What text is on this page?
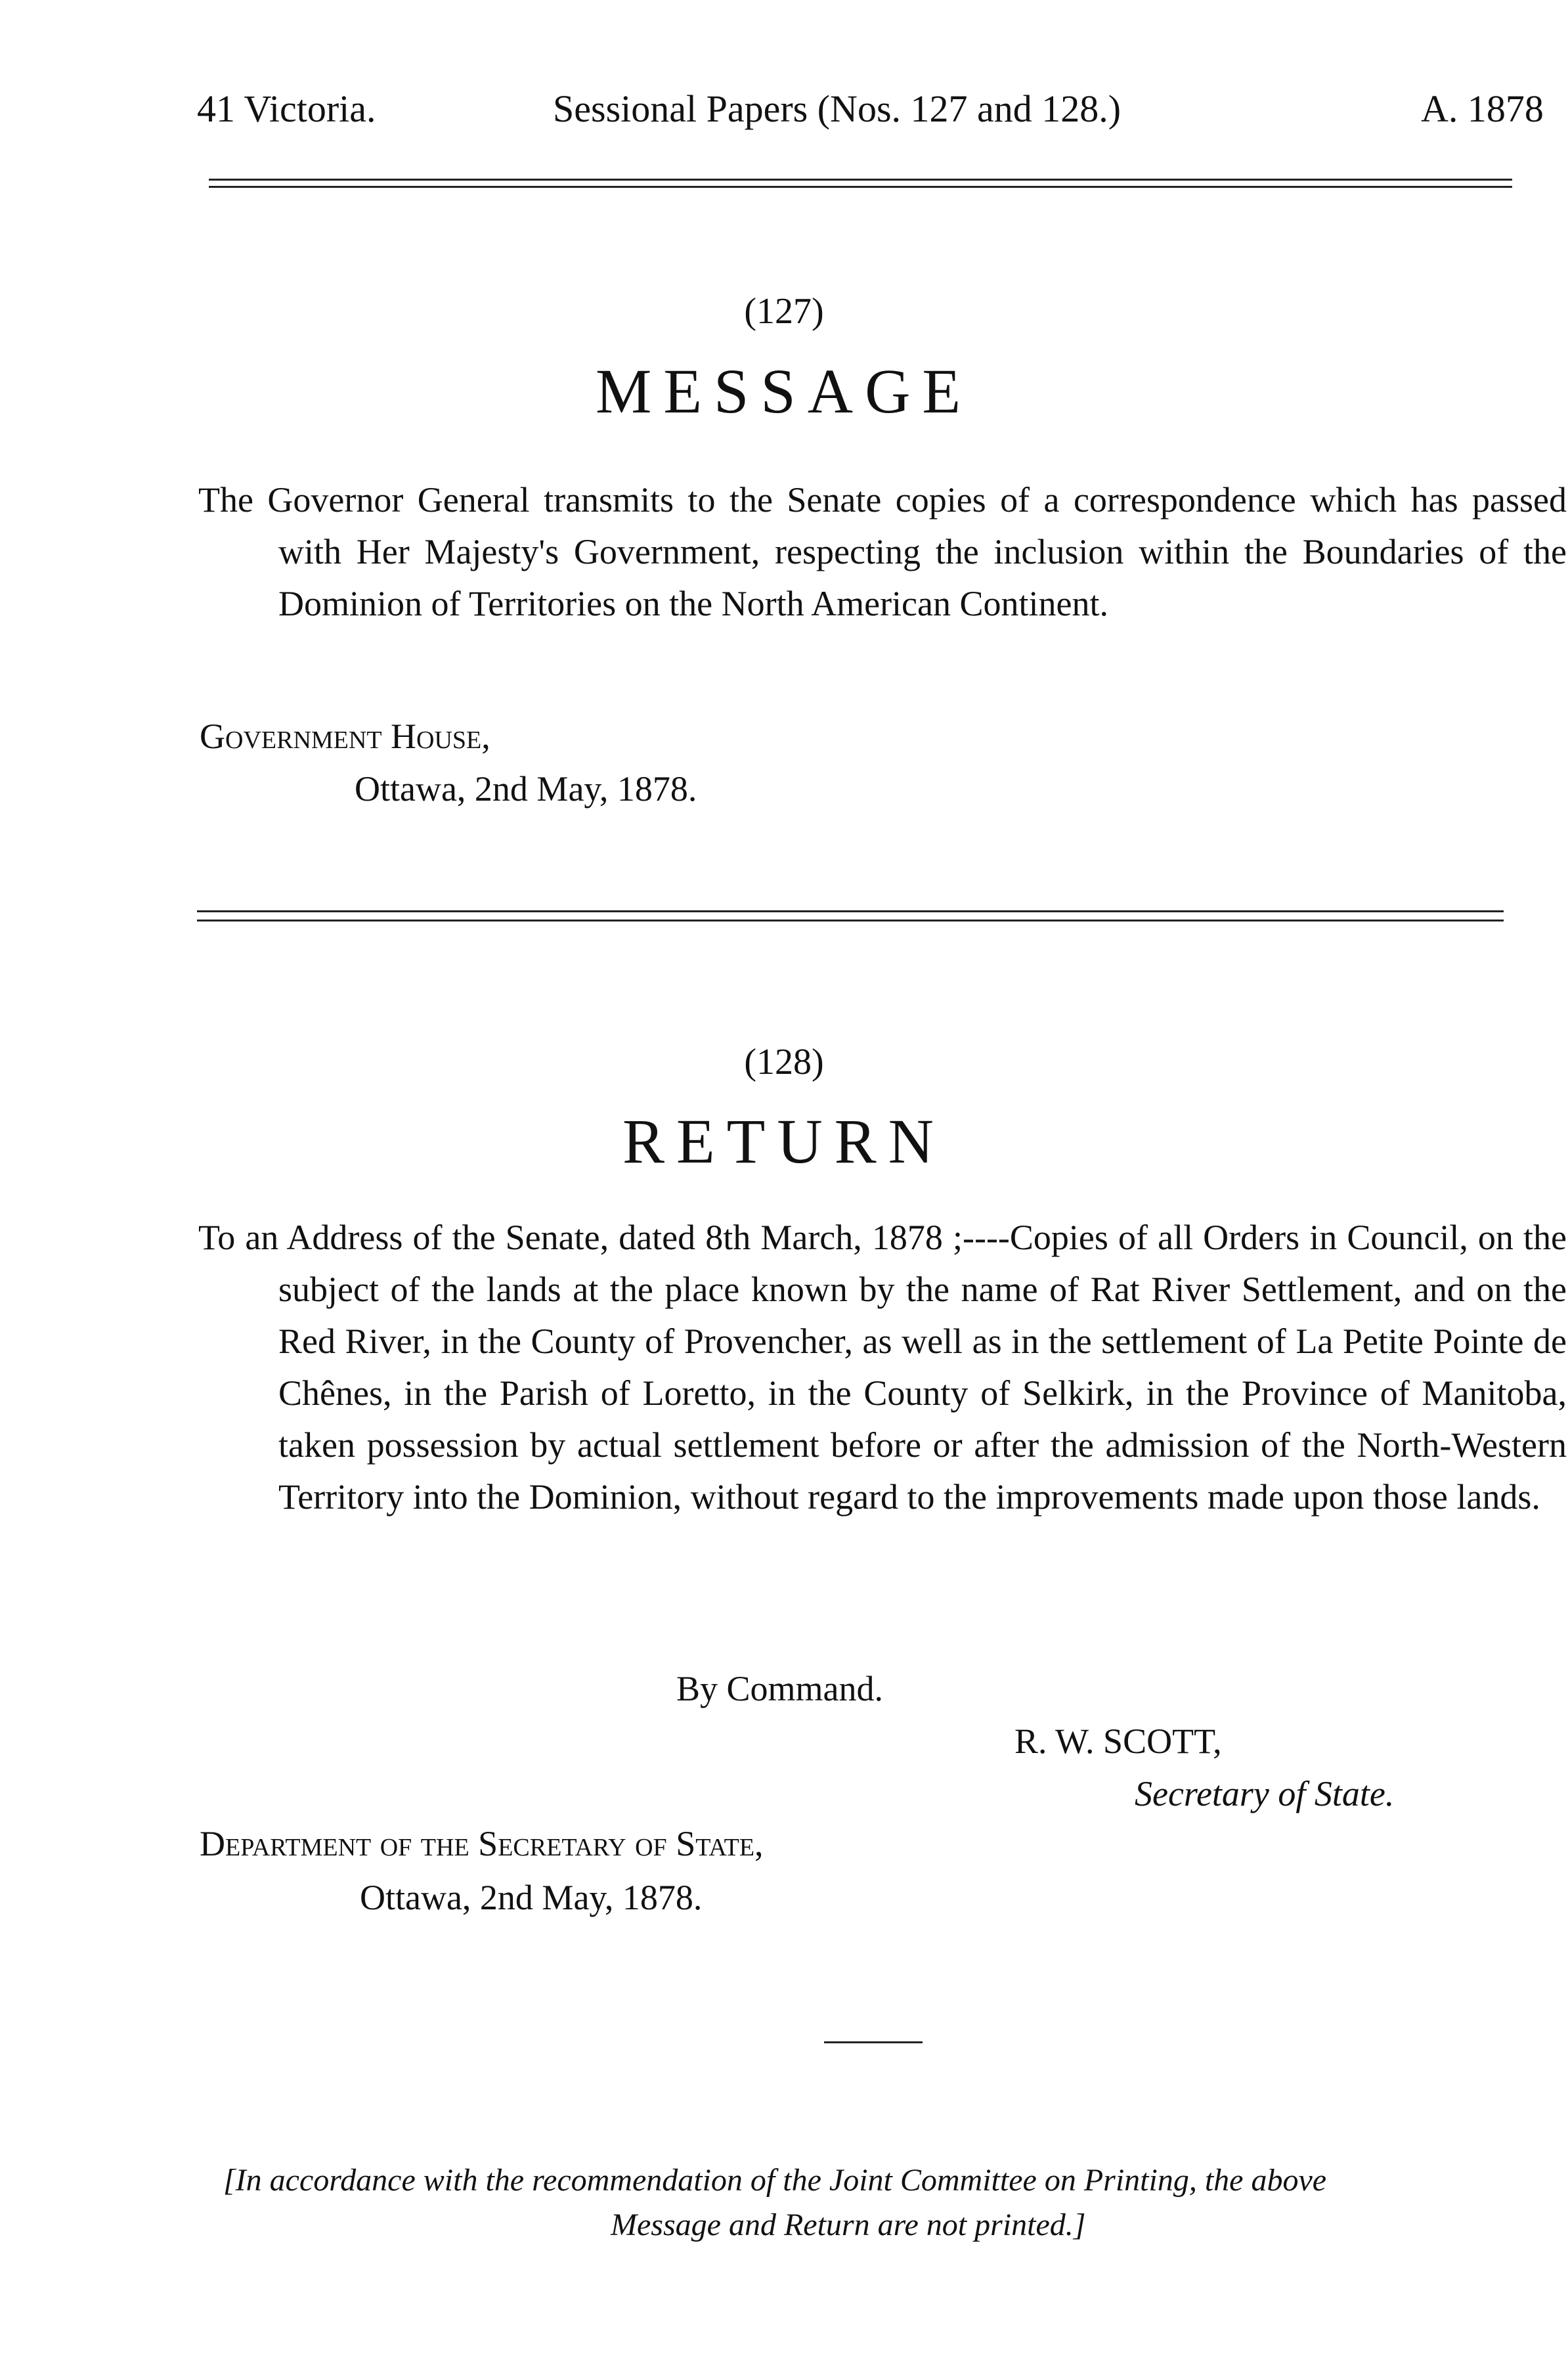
41 Victoria.	Sessional Papers (Nos. 127 and 128.)	A. 1878
(127)
MESSAGE
The Governor General transmits to the Senate copies of a correspondence which has passed with Her Majesty's Government, respecting the inclusion within the Boundaries of the Dominion of Territories on the North American Continent.
Government House,
Ottawa, 2nd May, 1878.
(128)
RETURN
To an Address of the Senate, dated 8th March, 1878 ;----Copies of all Orders in Council, on the subject of the lands at the place known by the name of Rat River Settlement, and on the Red River, in the County of Provencher, as well as in the settlement of La Petite Pointe de Chênes, in the Parish of Loretto, in the County of Selkirk, in the Province of Manitoba, taken possession by actual settlement before or after the admission of the North-Western Territory into the Dominion, without regard to the improvements made upon those lands.
By Command.
R. W. SCOTT,
Secretary of State.
Department of the Secretary of State,
Ottawa, 2nd May, 1878.
[In accordance with the recommendation of the Joint Committee on Printing, the above
Message and Return are not printed.]
